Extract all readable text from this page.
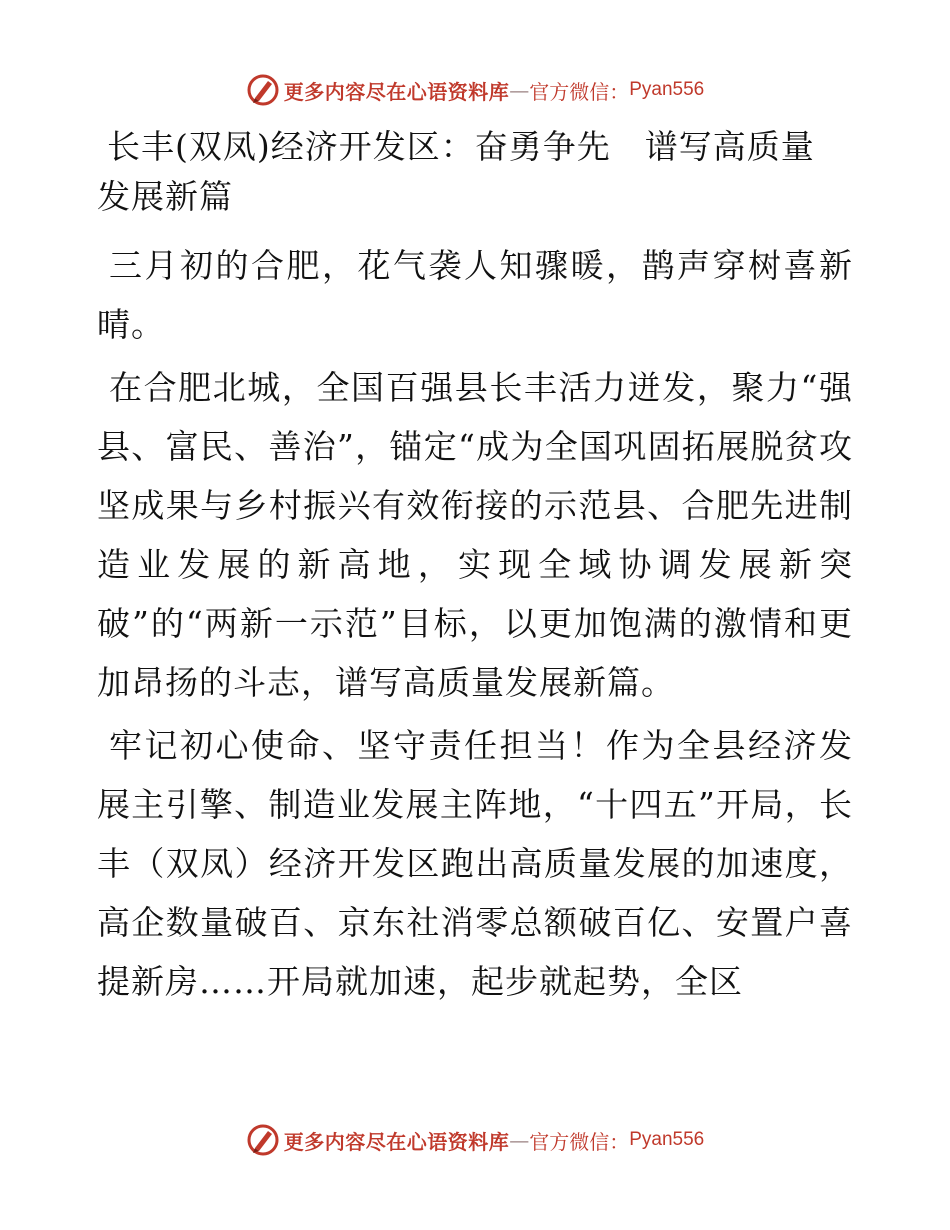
更多内容尽在心语资料库 — 官方微信： Pyan556
长丰(双凤)经济开发区：奋勇争先　谱写高质量
发展新篇

三月初的合肥，花气袭人知骤暖，鹊声穿树喜新晴。

在合肥北城，全国百强县长丰活力迸发，聚力“强县、富民、善治”，锚定“成为全国巩固拓展脱贫攻坚成果与乡村振兴有效衔接的示范县、合肥先进制造业发展的新高地，实现全域协调发展新突破”的“两新一示范”目标，以更加饱满的激情和更加昂扬的斗志，谱写高质量发展新篇。

牢记初心使命、坚守责任担当！作为全县经济发展主引擎、制造业发展主阵地，“十四五”开局，长丰（双凤）经济开发区跑出高质量发展的加速度，高企数量破百、京东社消零总额破百亿、安置户喜提新房……开局就加速，起步就起势，全区

更多内容尽在心语资料库 — 官方微信： Pyan556
